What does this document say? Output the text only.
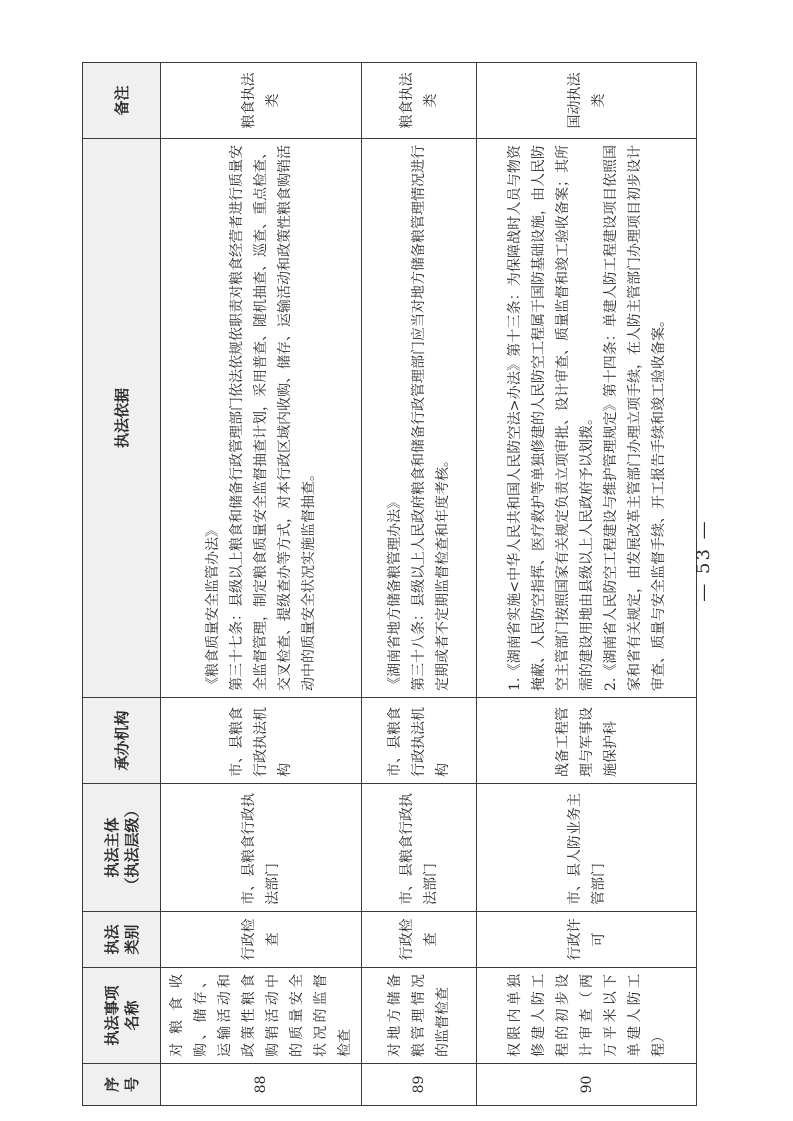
序号	执法事项 名称	执法 类别	执法主体 （执法层级）	承办机构	执法依据	备注
88	对粮食收购、储存、运输活动和政策性粮食购销活动中的质量安全状况的监督检查	行政检查	市、县粮食行政执法部门	市、县粮食行政执法机构	《粮食质量安全监管办法》 第三十七条：县级以上粮食和储备行政管理部门依法依规依职责对粮食经营者进行质量安全监督管理，制定粮食质量安全监督抽查计划，采用普查、随机抽查、巡查、重点检查、交叉检查、提级查办等方式，对本行政区域内收购、储存、运输活动和政策性粮食购销活动中的质量安全状况实施监督抽查。	粮食执法类
89	对地方储备粮管理情况的监督检查	行政检查	市、县粮食行政执法部门	市、县粮食行政执法机构	《湖南省地方储备粮管理办法》 第三十八条：县级以上人民政府粮食和储备行政管理部门应当对地方储备粮管理情况进行定期或者不定期监督检查和年度考核。	粮食执法类
90	权限内单独修建人防工程的初步设计审查（两万平米以下单建人防工程）	行政许可	市、县人防业务主管部门	战备工程管理与军事设施保护科	1.《湖南省实施<中华人民共和国人民防空法>办法》第十三条：为保障战时人员与物资掩蔽、人民防空指挥、医疗救护等单独修建的人民防空工程属于国防基础设施，由人民防空主管部门按照国家有关规定负责立项审批、设计审查、质量监督和竣工验收备案；其所需的建设用地由县级以上人民政府予以划拨。 2.《湖南省人民防空工程建设与维护管理规定》第十四条：单建人防工程建设项目依照国家和省有关规定，由发展改革主管部门办理立项手续，在人防主管部门办理项目初步设计审查、质量与安全监督手续、开工报告手续和竣工验收备案。	国动执法类
— 53 —
